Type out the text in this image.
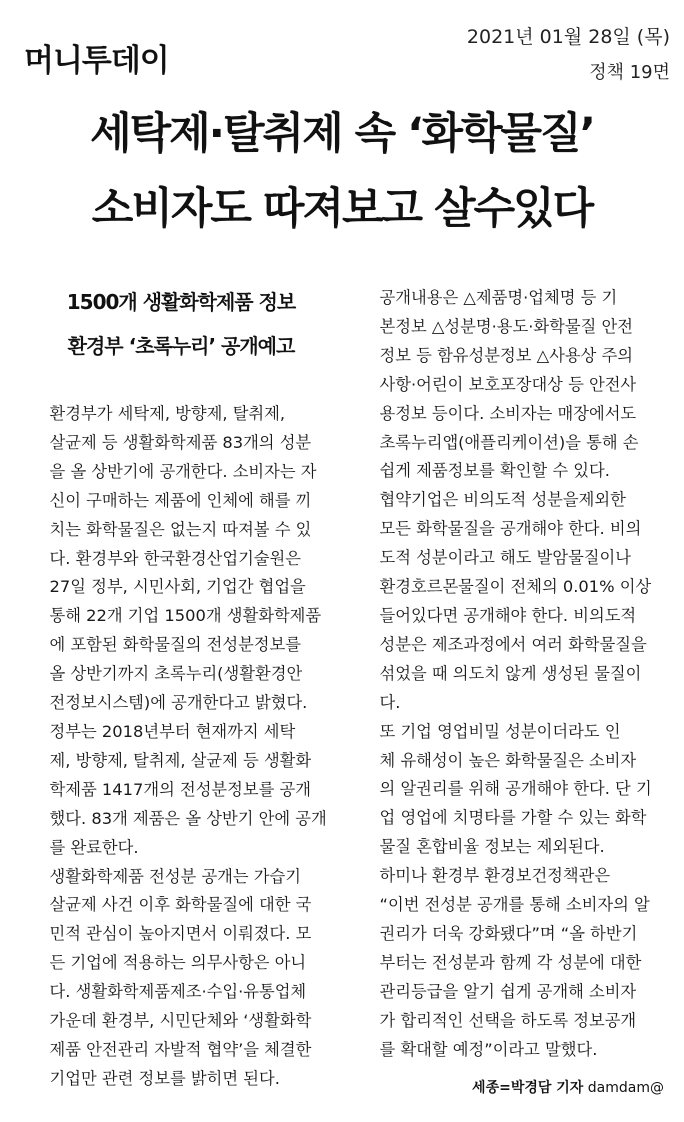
2021년 01월 28일 (목)
머니투데이	정책 19면
세탁제·탈취제 속 ‘화학물질’
소비자도 따져보고 살수있다
1500개 생활화학제품 정보
환경부 ‘초록누리’ 공개예고

환경부가 세탁제, 방향제, 탈취제,
살균제 등 생활화학제품 83개의 성분
을 올 상반기에 공개한다. 소비자는 자
신이 구매하는 제품에 인체에 해를 끼
치는 화학물질은 없는지 따져볼 수 있
다. 환경부와 한국환경산업기술원은
27일 정부, 시민사회, 기업간 협업을
통해 22개 기업 1500개 생활화학제품
에 포함된 화학물질의 전성분정보를
올 상반기까지 초록누리(생활환경안
전정보시스템)에 공개한다고 밝혔다.

정부는 2018년부터 현재까지 세탁
제, 방향제, 탈취제, 살균제 등 생활화
학제품 1417개의 전성분정보를 공개
했다. 83개 제품은 올 상반기 안에 공개
를 완료한다.

생활화학제품 전성분 공개는 가습기
살균제 사건 이후 화학물질에 대한 국
민적 관심이 높아지면서 이뤄졌다. 모
든 기업에 적용하는 의무사항은 아니
다. 생활화학제품제조·수입·유통업체
가운데 환경부, 시민단체와 ‘생활화학
제품 안전관리 자발적 협약’을 체결한
기업만 관련 정보를 밝히면 된다.

공개내용은 △제품명·업체명 등 기
본정보 △성분명·용도·화학물질 안전
정보 등 함유성분정보 △사용상 주의
사항·어린이 보호포장대상 등 안전사
용정보 등이다. 소비자는 매장에서도
초록누리앱(애플리케이션)을 통해 손
쉽게 제품정보를 확인할 수 있다.

협약기업은 비의도적 성분을제외한
모든 화학물질을 공개해야 한다. 비의
도적 성분이라고 해도 발암물질이나
환경호르몬물질이 전체의 0.01% 이상
들어있다면 공개해야 한다. 비의도적
성분은 제조과정에서 여러 화학물질을
섞었을 때 의도치 않게 생성된 물질이
다.

또 기업 영업비밀 성분이더라도 인
체 유해성이 높은 화학물질은 소비자
의 알권리를 위해 공개해야 한다. 단 기
업 영업에 치명타를 가할 수 있는 화학
물질 혼합비율 정보는 제외된다.

하미나 환경부 환경보건정책관은
“이번 전성분 공개를 통해 소비자의 알
권리가 더욱 강화됐다”며 “올 하반기
부터는 전성분과 함께 각 성분에 대한
관리등급을 알기 쉽게 공개해 소비자
가 합리적인 선택을 하도록 정보공개
를 확대할 예정”이라고 말했다.

세종=박경담 기자 damdam@
